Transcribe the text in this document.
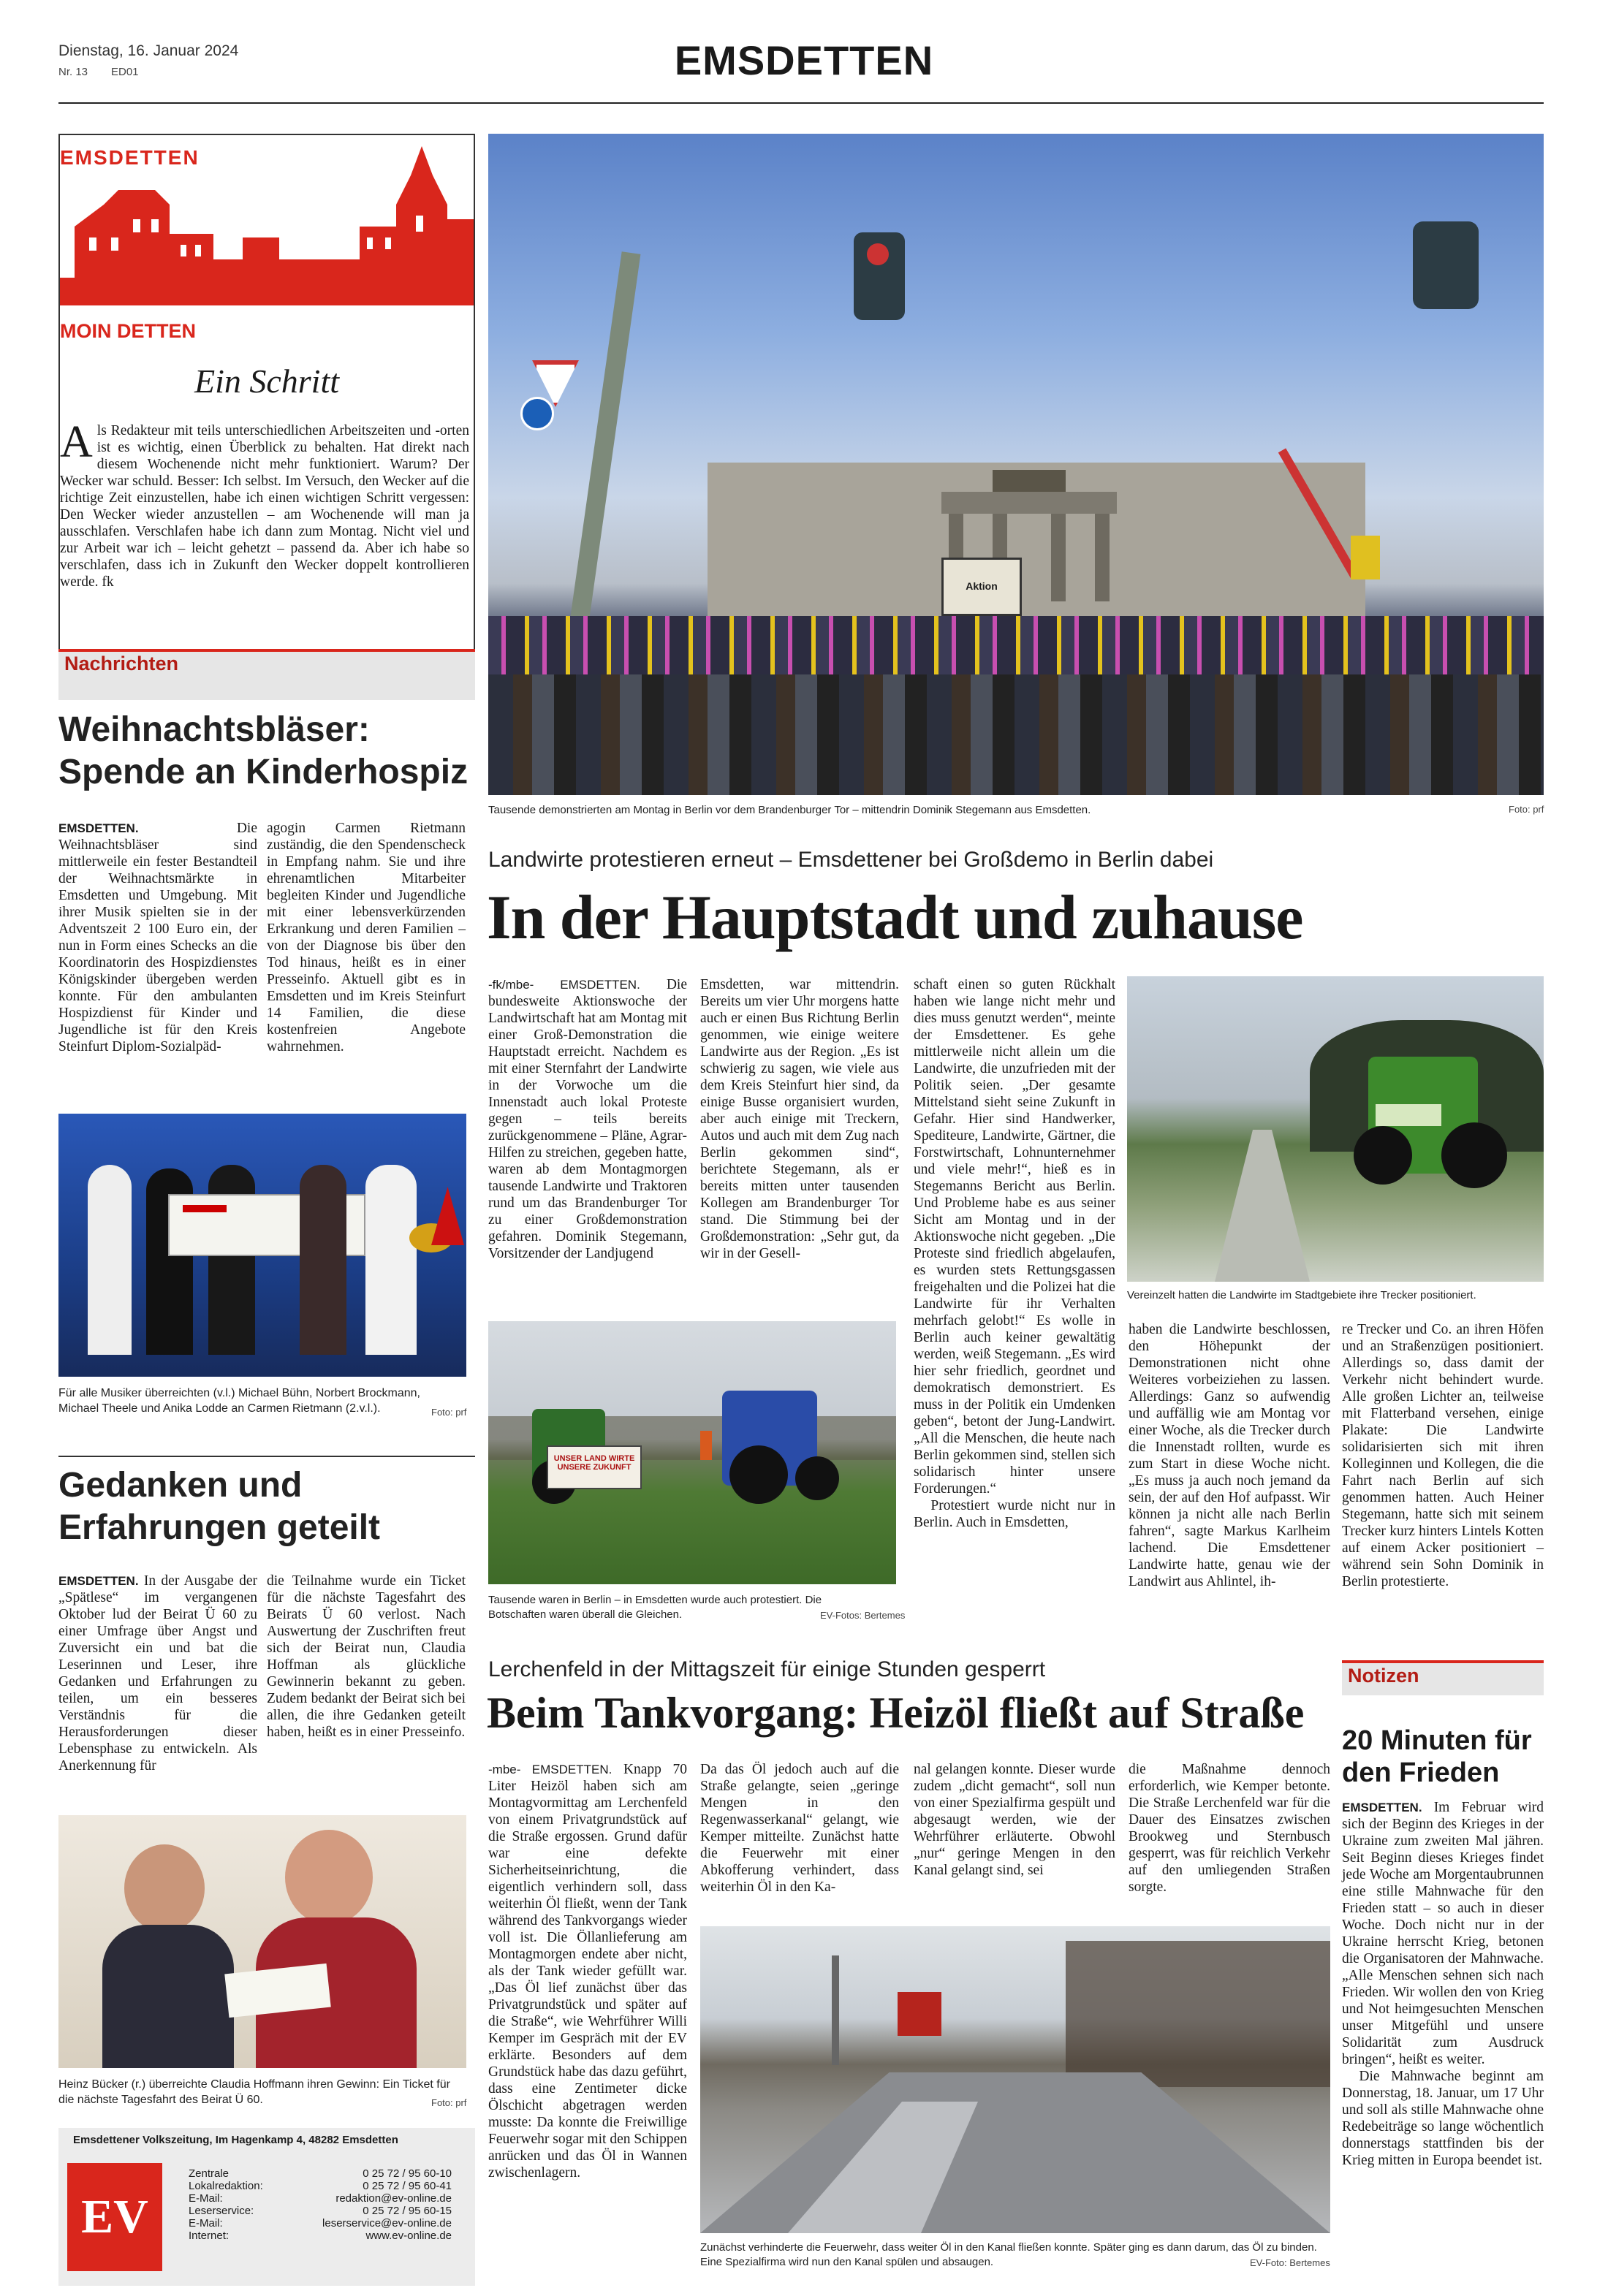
Dienstag, 16. Januar 2024
Nr. 13 ED01	EMSDETTEN
EMSDETTEN
MOIN DETTEN
Ein Schritt
A ls Redakteur mit teils unterschiedlichen Arbeitszeiten und -orten ist es wichtig, einen Überblick zu behalten. Hat direkt nach diesem Wochenende nicht mehr funktioniert. Warum? Der Wecker war schuld. Besser: Ich selbst. Im Versuch, den Wecker auf die richtige Zeit einzustellen, habe ich einen wichtigen Schritt vergessen: Den Wecker wieder anzustellen – am Wochenende will man ja ausschlafen. Verschlafen habe ich dann zum Montag. Nicht viel und zur Arbeit war ich – leicht gehetzt – passend da. Aber ich habe so verschlafen, dass ich in Zukunft den Wecker doppelt kontrollieren werde. fk
Nachrichten
Weihnachtsbläser: Spende an Kinderhospiz
EMSDETTEN.	Die Weihnachtsbläser sind mittlerweile ein fester Bestandteil der Weihnachtsmärkte in Emsdetten und Umgebung. Mit ihrer Musik spielten sie in der Adventszeit 2 100 Euro ein, der nun in Form eines Schecks an die Koordinatorin des Hospizdienstes Königskinder übergeben werden konnte. Für den ambulanten Hospizdienst für Kinder und Jugendliche ist für den Kreis Steinfurt Diplom-Sozialpäd-
agogin Carmen Rietmann zuständig, die den Spendenscheck in Empfang nahm. Sie und ihre ehrenamtlichen Mitarbeiter begleiten Kinder und Jugendliche mit einer lebensverkürzenden Erkrankung und deren Familien – von der Diagnose bis über den Tod hinaus, heißt es in einer Presseinfo. Aktuell gibt es in Emsdetten und im Kreis Steinfurt 14 Familien, die diese kostenfreien Angebote wahrnehmen.
Für alle Musiker überreichten (v.l.) Michael Bühn, Norbert Brockmann, Michael Theele und Anika Lodde an Carmen Rietmann (2.v.l.).	Foto: prf
Gedanken und Erfahrungen geteilt
EMSDETTEN. In der Ausgabe der „Spätlese“ im vergangenen Oktober lud der Beirat Ü 60 zu einer Umfrage über Angst und Zuversicht ein und bat die Leserinnen und Leser, ihre Gedanken und Erfahrungen zu teilen, um ein besseres Verständnis für die Herausforderungen dieser Lebensphase zu entwickeln. Als Anerkennung für
die Teilnahme wurde ein Ticket für die nächste Tagesfahrt des Beirats Ü 60 verlost. Nach Auswertung der Zuschriften freut sich der Beirat nun, Claudia Hoffman als glückliche Gewinnerin bekannt zu geben. Zudem bedankt der Beirat sich bei allen, die ihre Gedanken geteilt haben, heißt es in einer Presseinfo.
Heinz Bücker (r.) überreichte Claudia Hoffmann ihren Gewinn: Ein Ticket für die nächste Tagesfahrt des Beirat Ü 60.	Foto: prf
Emsdettener Volkszeitung, Im Hagenkamp 4, 48282 Emsdetten
EV
Zentrale	0 25 72 / 95 60-10
Lokalredaktion:	0 25 72 / 95 60-41
E-Mail:	redaktion@ev-online.de
Leserservice:	0 25 72 / 95 60-15
E-Mail:	leserservice@ev-online.de
Internet:	www.ev-online.de
Aktion
Tausende demonstrierten am Montag in Berlin vor dem Brandenburger Tor – mittendrin Dominik Stegemann aus Emsdetten.	Foto: prf
Landwirte protestieren erneut – Emsdettener bei Großdemo in Berlin dabei
In der Hauptstadt und zuhause
-fk/mbe- EMSDETTEN. Die bundesweite Aktionswoche der Landwirtschaft hat am Montag mit einer Groß-Demonstration die Hauptstadt erreicht. Nachdem es mit einer Sternfahrt der Landwirte in der Vorwoche um die Innenstadt auch lokal Proteste gegen – teils bereits zurückgenommene – Pläne, Agrar-Hilfen zu streichen, gegeben hatte, waren ab dem Montagmorgen tausende Landwirte und Traktoren rund um das Brandenburger Tor zu einer Großdemonstration gefahren. Dominik Stegemann, Vorsitzender der Landjugend
Emsdetten, war mittendrin. Bereits um vier Uhr morgens hatte auch er einen Bus Richtung Berlin genommen, wie einige weitere Landwirte aus der Region. „Es ist schwierig zu sagen, wie viele aus dem Kreis Steinfurt hier sind, da einige Busse organisiert wurden, aber auch einige mit Treckern, Autos und auch mit dem Zug nach Berlin gekommen sind“, berichtete Stegemann, als er bereits mitten unter tausenden Kollegen am Brandenburger Tor stand. Die Stimmung bei der Großdemonstration: „Sehr gut, da wir in der Gesell-
schaft einen so guten Rückhalt haben wie lange nicht mehr und dies muss genutzt werden“, meinte der Emsdettener. Es gehe mittlerweile nicht allein um die Landwirte, die unzufrieden mit der Politik seien. „Der gesamte Mittelstand sieht seine Zukunft in Gefahr. Hier sind Handwerker, Spediteure, Landwirte, Gärtner, die Forstwirtschaft, Lohnunternehmer und viele mehr!“, hieß es in Stegemanns Bericht aus Berlin. Und Probleme habe es aus seiner Sicht am Montag und in der Aktionswoche nicht gegeben. „Die Proteste sind friedlich abgelaufen, es wurden stets Rettungsgassen freigehalten und die Polizei hat die Landwirte für ihr Verhalten mehrfach gelobt!“ Es wolle in Berlin auch keiner gewaltätig werden, weiß Stegemann. „Es wird hier sehr friedlich, geordnet und demokratisch demonstriert. Es muss in der Politik ein Umdenken geben“, betont der Jung-Landwirt. „All die Menschen, die heute nach Berlin gekommen sind, stellen sich solidarisch hinter unsere Forderungen.“
Protestiert wurde nicht nur in Berlin. Auch in Emsdetten,
haben die Landwirte beschlossen, den Höhepunkt der Demonstrationen nicht ohne Weiteres vorbeiziehen zu lassen. Allerdings: Ganz so aufwendig und auffällig wie am Montag vor einer Woche, als die Trecker durch die Innenstadt rollten, wurde es zum Start in diese Woche nicht. „Es muss ja auch noch jemand da sein, der auf den Hof aufpasst. Wir können ja nicht alle nach Berlin fahren“, sagte Markus Karlheim lachend. Die Emsdettener Landwirte hatte, genau wie der Landwirt aus Ahlintel, ih-
re Trecker und Co. an ihren Höfen und an Straßenzügen positioniert. Allerdings so, dass damit der Verkehr nicht behindert wurde. Alle großen Lichter an, teilweise mit Flatterband versehen, einige Plakate: Die Landwirte solidarisierten sich mit ihren Kolleginnen und Kollegen, die die Fahrt nach Berlin auf sich genommen hatten. Auch Heiner Stegemann, hatte sich mit seinem Trecker kurz hinters Lintels Kotten auf einem Acker positioniert – während sein Sohn Dominik in Berlin protestierte.
Vereinzelt hatten die Landwirte im Stadtgebiete ihre Trecker positioniert.
UNSER LAND WIRTE UNSERE ZUKUNFT
Tausende waren in Berlin – in Emsdetten wurde auch protestiert. Die Botschaften waren überall die Gleichen.	EV-Fotos: Bertemes
Lerchenfeld in der Mittagszeit für einige Stunden gesperrt
Beim Tankvorgang: Heizöl fließt auf Straße
-mbe- EMSDETTEN. Knapp 70 Liter Heizöl haben sich am Montagvormittag am Lerchenfeld von einem Privatgrundstück auf die Straße ergossen. Grund dafür war eine defekte Sicherheitseinrichtung, die eigentlich verhindern soll, dass weiterhin Öl fließt, wenn der Tank während des Tankvorgangs wieder voll ist. Die Öllanlieferung am Montagmorgen endete aber nicht, als der Tank wieder gefüllt war. „Das Öl lief zunächst über das Privatgrundstück und später auf die Straße“, wie Wehrführer Willi Kemper im Gespräch mit der EV erklärte. Besonders auf dem Grundstück habe das dazu geführt, dass eine Zentimeter dicke Ölschicht abgetragen werden musste: Da konnte die Freiwillige Feuerwehr sogar mit den Schippen anrücken und das Öl in Wannen zwischenlagern.
Da das Öl jedoch auch auf die Straße gelangte, seien „geringe Mengen in den Regenwasserkanal“ gelangt, wie Kemper mitteilte. Zunächst hatte die Feuerwehr mit einer Abkofferung verhindert, dass weiterhin Öl in den Ka-
nal gelangen konnte. Dieser wurde zudem „dicht gemacht“, soll nun von einer Spezialfirma gespült und abgesaugt werden, wie der Wehrführer erläuterte. Obwohl „nur“ geringe Mengen in den Kanal gelangt sind, sei
die Maßnahme dennoch erforderlich, wie Kemper betonte. Die Straße Lerchenfeld war für die Dauer des Einsatzes zwischen Brookweg und Sternbusch gesperrt, was für reichlich Verkehr auf den umliegenden Straßen sorgte.
Zunächst verhinderte die Feuerwehr, dass weiter Öl in den Kanal fließen konnte. Später ging es dann darum, das Öl zu binden. Eine Spezialfirma wird nun den Kanal spülen und absaugen.	EV-Foto: Bertemes
Notizen
20 Minuten für den Frieden
EMSDETTEN. Im Februar wird sich der Beginn des Krieges in der Ukraine zum zweiten Mal jähren. Seit Beginn dieses Krieges findet jede Woche am Morgentaubrunnen eine stille Mahnwache für den Frieden statt – so auch in dieser Woche. Doch nicht nur in der Ukraine herrscht Krieg, betonen die Organisatoren der Mahnwache. „Alle Menschen sehnen sich nach Frieden. Wir wollen den von Krieg und Not heimgesuchten Menschen unser Mitgefühl und unsere Solidarität zum Ausdruck bringen“, heißt es weiter.
Die Mahnwache beginnt am Donnerstag, 18. Januar, um 17 Uhr und soll als stille Mahnwache ohne Redebeiträge so lange wöchentlich donnerstags stattfinden bis der Krieg mitten in Europa beendet ist.
